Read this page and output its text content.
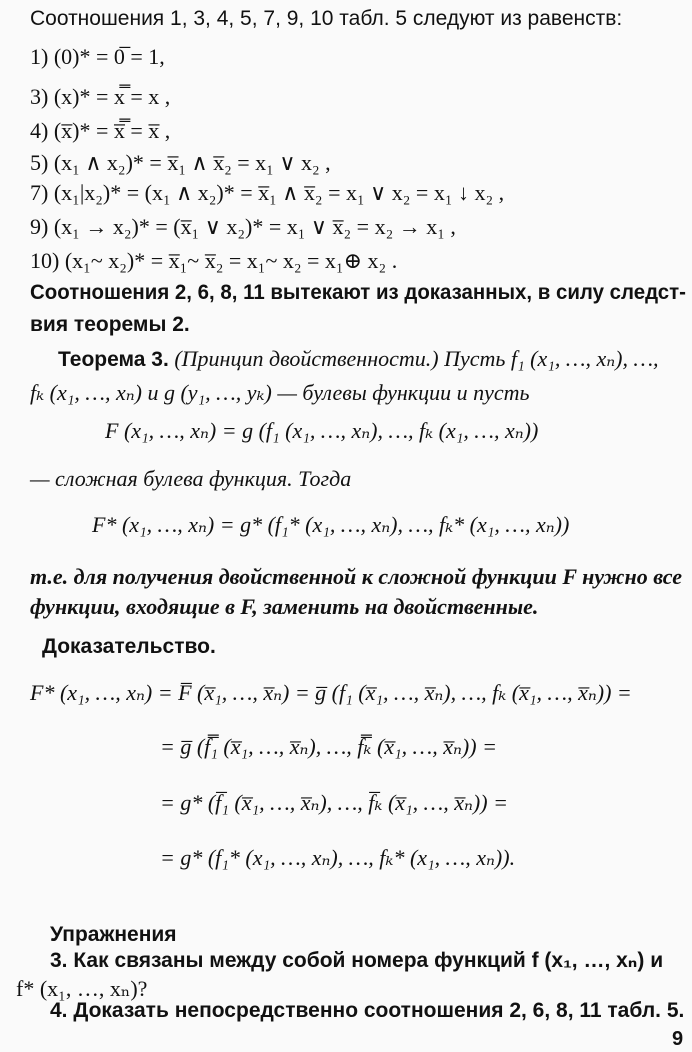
Соотношения 1, 3, 4, 5, 7, 9, 10 табл. 5 следуют из равенств:
1) (0)* = 0̅ = 1,
3) (x)* = x̿ = x ,
4) (x̅)* = x̿̅ = x̅ ,
5) (x₁ ∧ x₂)* = x̅₁ ∧ x̅₂ = x₁ ∨ x₂ ,
7) (x₁|x₂)* = (x₁ ∧ x₂)* = x̅₁ ∧ x̅₂ = x₁ ∨ x₂ = x₁ ↓ x₂ ,
9) (x₁ → x₂)* = (x̅₁ ∨ x₂)* = x₁ ∨ x̅₂ = x₂ → x₁ ,
10) (x₁~ x₂)* = x̅₁~ x̅₂ = x₁~ x₂ = x₁⊕ x₂ .
Соотношения 2, 6, 8, 11 вытекают из доказанных, в силу следст-
вия теоремы 2.
Теорема 3. (Принцип двойственности.) Пусть f₁ (x₁, …, xₙ), …,
fₖ (x₁, …, xₙ) и g (y₁, …, yₖ) — булевы функции и пусть
F (x₁, …, xₙ) = g (f₁ (x₁, …, xₙ), …, fₖ (x₁, …, xₙ))
— сложная булева функция. Тогда
F* (x₁, …, xₙ) = g* (f₁* (x₁, …, xₙ), …, fₖ* (x₁, …, xₙ))
т.е. для получения двойственной к сложной функции F нужно все
функции, входящие в F, заменить на двойственные.
Доказательство.
F* (x₁, …, xₙ) = F̅ (x̅₁, …, x̅ₙ) = g̅ (f₁ (x̅₁, …, x̅ₙ), …, fₖ (x̅₁, …, x̅ₙ)) =
= g̅ (f̿₁ (x̅₁, …, x̅ₙ), …, f̿ₖ (x̅₁, …, x̅ₙ)) =
= g* (f̅₁ (x̅₁, …, x̅ₙ), …, f̅ₖ (x̅₁, …, x̅ₙ)) =
= g* (f₁* (x₁, …, xₙ), …, fₖ* (x₁, …, xₙ)).
Упражнения
3. Как связаны между собой номера функций f (x₁, …, xₙ) и
f* (x₁, …, xₙ)?
4. Доказать непосредственно соотношения 2, 6, 8, 11 табл. 5.
9
